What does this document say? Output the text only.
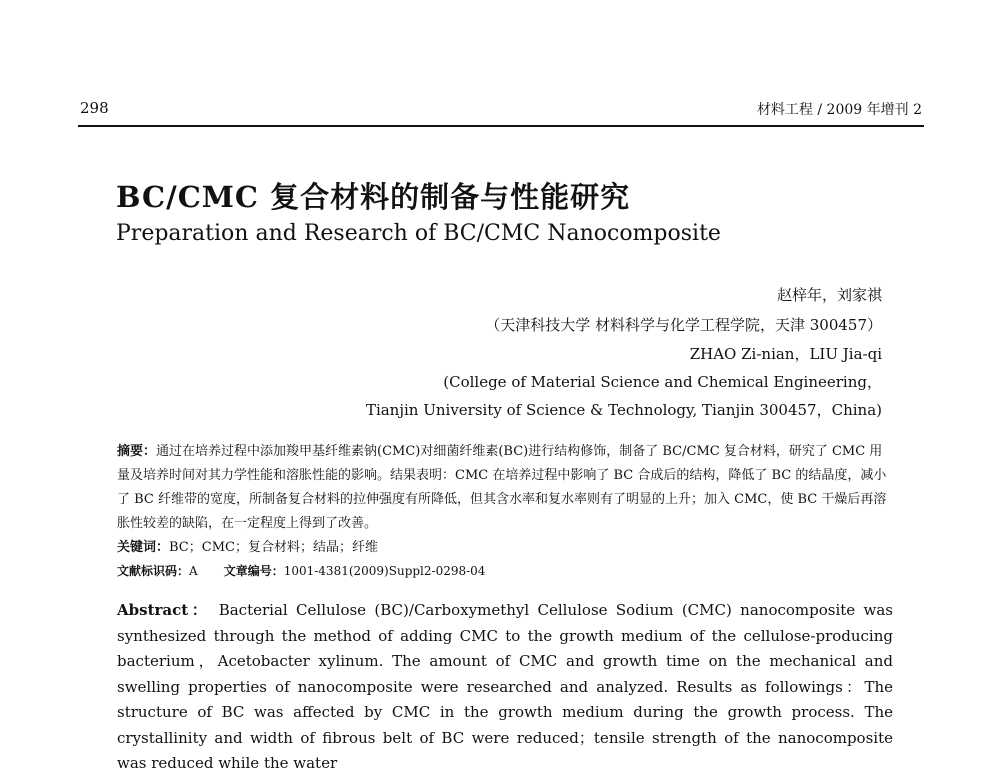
298	材料工程 / 2009 年增刊 2
BC/CMC 复合材料的制备与性能研究
Preparation and Research of BC/CMC Nanocomposite
赵梓年，刘家祺
（天津科技大学 材料科学与化学工程学院，天津 300457）
ZHAO Zi-nian，LIU Jia-qi
(College of Material Science and Chemical Engineering，
Tianjin University of Science & Technology, Tianjin 300457，China)
摘要：通过在培养过程中添加羧甲基纤维素钠(CMC)对细菌纤维素(BC)进行结构修饰，制备了 BC/CMC 复合材料，研究了 CMC 用量及培养时间对其力学性能和溶胀性能的影响。结果表明：CMC 在培养过程中影响了 BC 合成后的结构，降低了 BC 的结晶度，减小了 BC 纤维带的宽度，所制备复合材料的拉伸强度有所降低，但其含水率和复水率则有了明显的上升；加入 CMC，使 BC 干燥后再溶胀性较差的缺陷，在一定程度上得到了改善。
关键词：BC；CMC；复合材料；结晶；纤维
文献标识码：A 文章编号：1001-4381(2009)Suppl2-0298-04
Abstract： Bacterial Cellulose (BC)/Carboxymethyl Cellulose Sodium (CMC) nanocomposite was synthesized through the method of adding CMC to the growth medium of the cellulose-producing bacterium，Acetobacter xylinum. The amount of CMC and growth time on the mechanical and swelling properties of nanocomposite were researched and analyzed. Results as followings：The structure of BC was affected by CMC in the growth medium during the growth process. The crystallinity and width of fibrous belt of BC were reduced；tensile strength of the nanocomposite was reduced while the water
